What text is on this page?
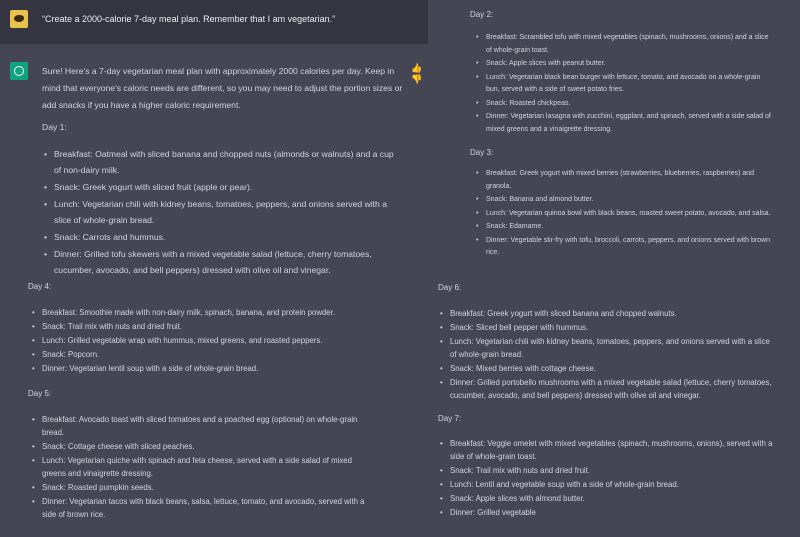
“Create a 2000-calorie 7-day meal plan. Remember that I am vegetarian.”
👍👎
Sure! Here's a 7-day vegetarian meal plan with approximately 2000 calories per day. Keep in mind that everyone's caloric needs are different, so you may need to adjust the portion sizes or add snacks if you have a higher caloric requirement.
Day 1:
• Breakfast: Oatmeal with sliced banana and chopped nuts (almonds or walnuts) and a cup of non-dairy milk.
• Snack: Greek yogurt with sliced fruit (apple or pear).
• Lunch: Vegetarian chili with kidney beans, tomatoes, peppers, and onions served with a slice of whole-grain bread.
• Snack: Carrots and hummus.
• Dinner: Grilled tofu skewers with a mixed vegetable salad (lettuce, cherry tomatoes, cucumber, avocado, and bell peppers) dressed with olive oil and vinegar.
Day 4:
• Breakfast: Smoothie made with non-dairy milk, spinach, banana, and protein powder.
• Snack: Trail mix with nuts and dried fruit.
• Lunch: Grilled vegetable wrap with hummus, mixed greens, and roasted peppers.
• Snack: Popcorn.
• Dinner: Vegetarian lentil soup with a side of whole-grain bread.
Day 5:
• Breakfast: Avocado toast with sliced tomatoes and a poached egg (optional) on whole-grain bread.
• Snack: Cottage cheese with sliced peaches.
• Lunch: Vegetarian quiche with spinach and feta cheese, served with a side salad of mixed greens and vinaigrette dressing.
• Snack: Roasted pumpkin seeds.
• Dinner: Vegetarian tacos with black beans, salsa, lettuce, tomato, and avocado, served with a side of brown rice.
Day 2:
• Breakfast: Scrambled tofu with mixed vegetables (spinach, mushrooms, onions) and a slice of whole-grain toast.
• Snack: Apple slices with peanut butter.
• Lunch: Vegetarian black bean burger with lettuce, tomato, and avocado on a whole-grain bun, served with a side of sweet potato fries.
• Snack: Roasted chickpeas.
• Dinner: Vegetarian lasagna with zucchini, eggplant, and spinach, served with a side salad of mixed greens and a vinaigrette dressing.
Day 3:
• Breakfast: Greek yogurt with mixed berries (strawberries, blueberries, raspberries) and granola.
• Snack: Banana and almond butter.
• Lunch: Vegetarian quinoa bowl with black beans, roasted sweet potato, avocado, and salsa.
• Snack: Edamame.
• Dinner: Vegetable stir-fry with tofu, broccoli, carrots, peppers, and onions served with brown rice.
Day 6:
• Breakfast: Greek yogurt with sliced banana and chopped walnuts.
• Snack: Sliced bell pepper with hummus.
• Lunch: Vegetarian chili with kidney beans, tomatoes, peppers, and onions served with a slice of whole-grain bread.
• Snack: Mixed berries with cottage cheese.
• Dinner: Grilled portobello mushrooms with a mixed vegetable salad (lettuce, cherry tomatoes, cucumber, avocado, and bell peppers) dressed with olive oil and vinegar.
Day 7:
• Breakfast: Veggie omelet with mixed vegetables (spinach, mushrooms, onions), served with a side of whole-grain toast.
• Snack: Trail mix with nuts and dried fruit.
• Lunch: Lentil and vegetable soup with a side of whole-grain bread.
• Snack: Apple slices with almond butter.
• Dinner: Grilled vegetable
